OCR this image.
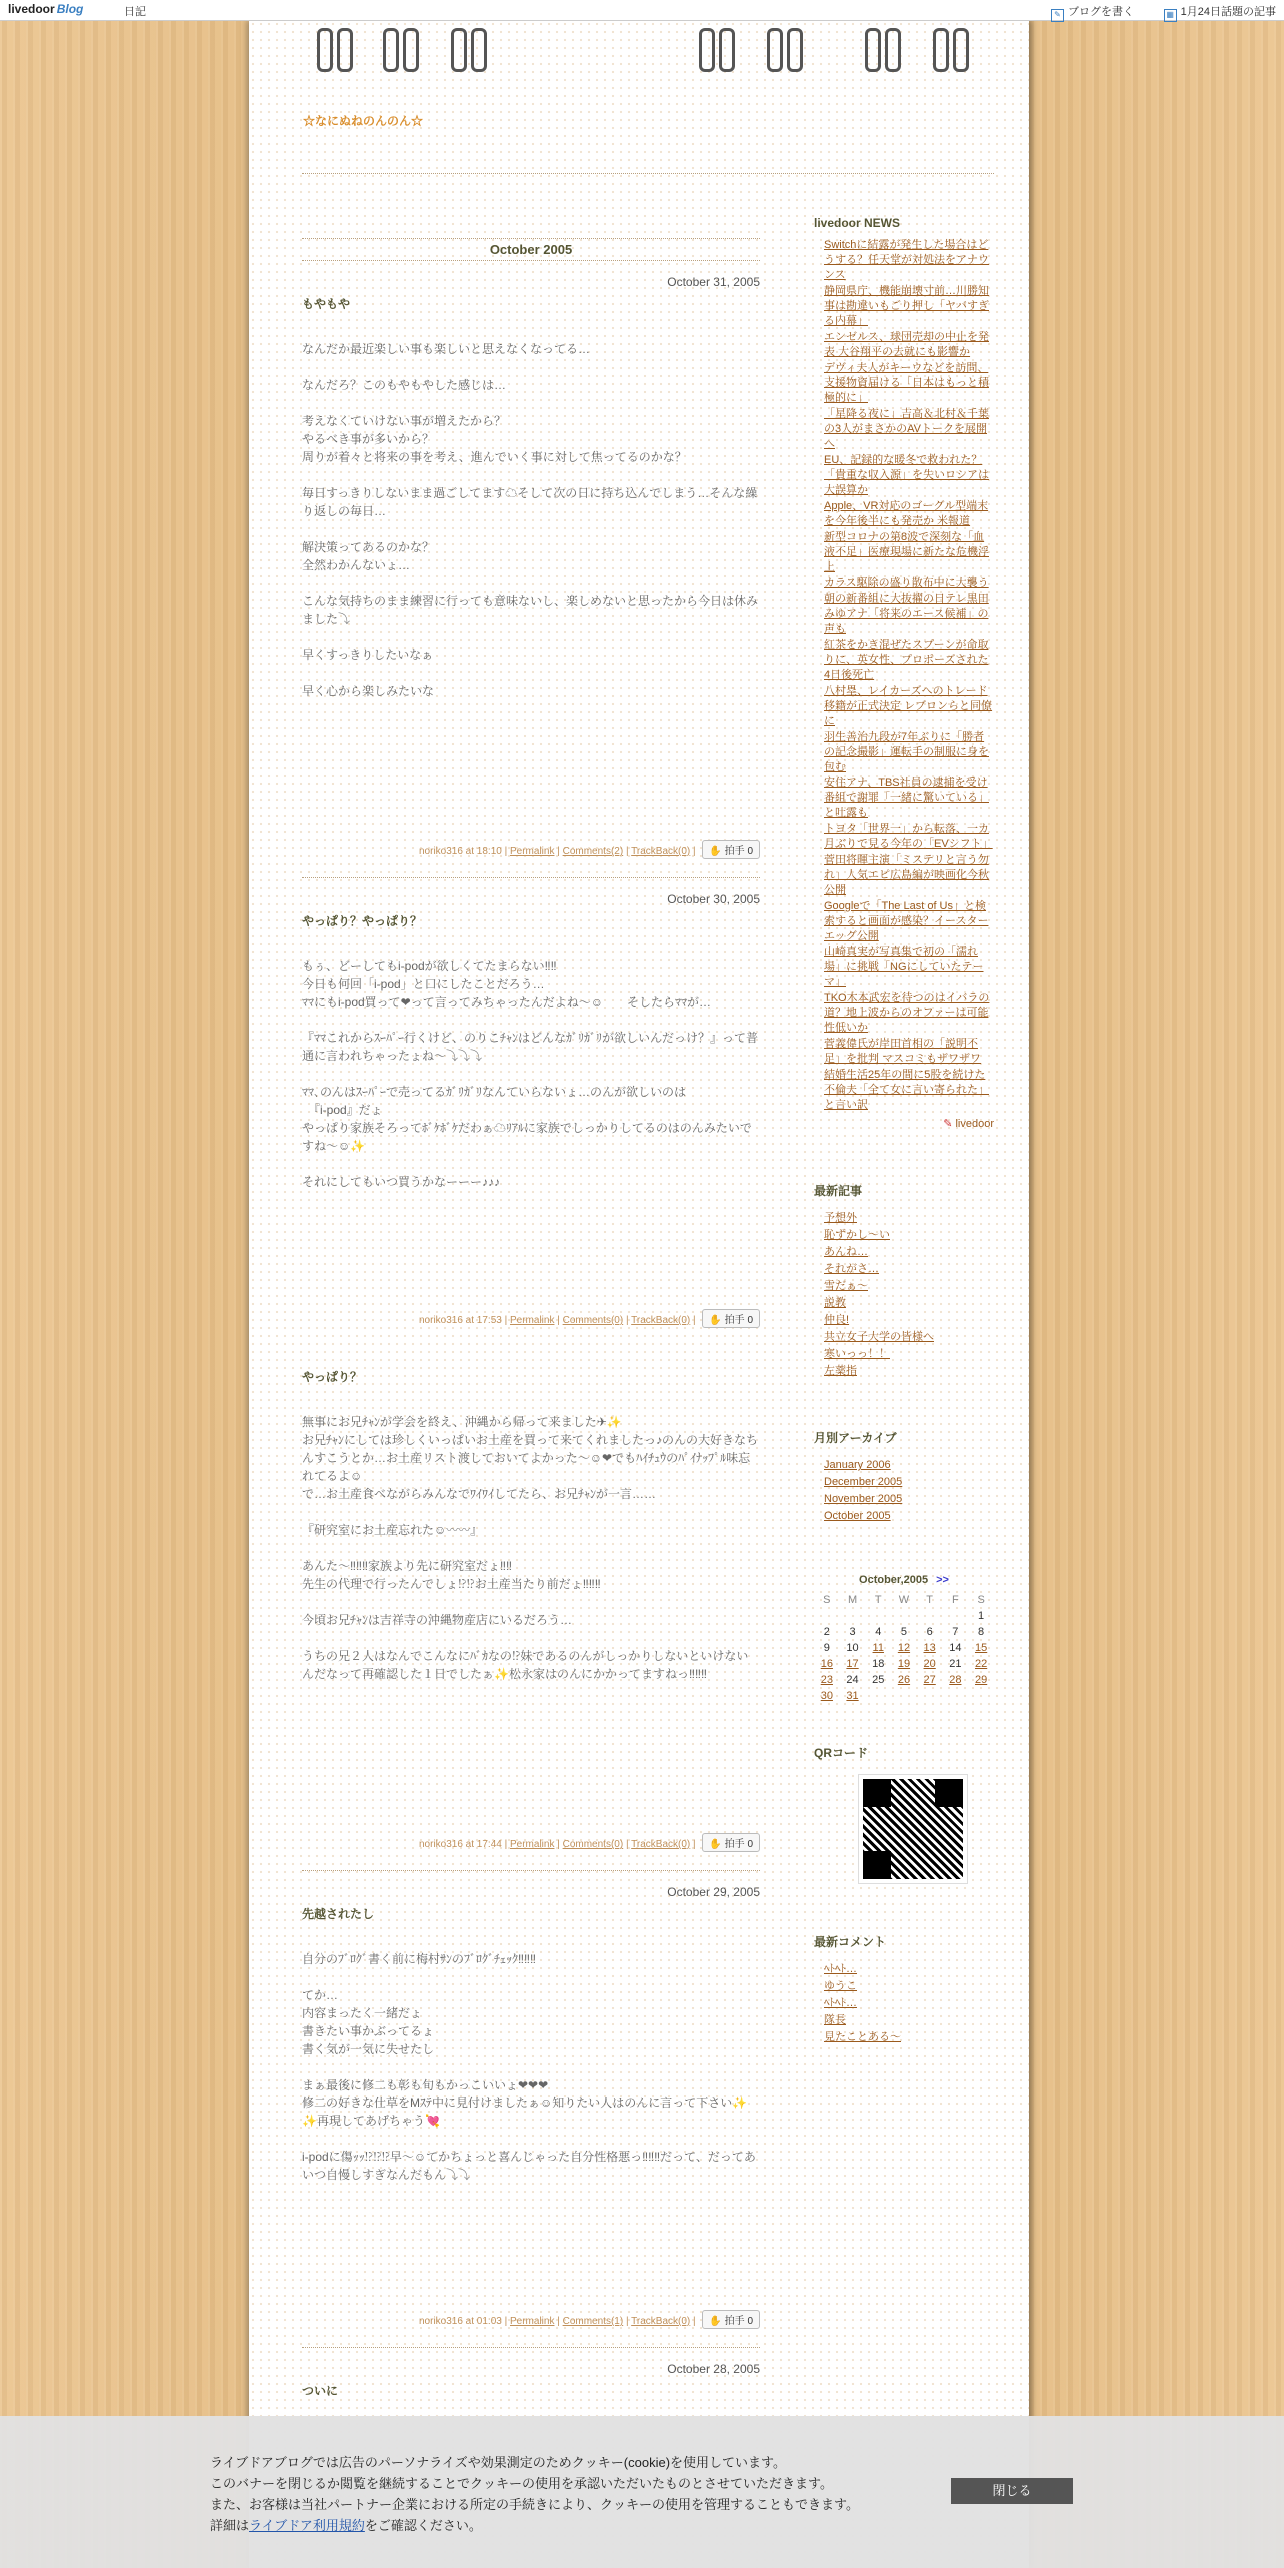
livedoor Blog	日記	✎ ブログを書く	▦ 1月24日話題の記事
☆なにぬねのんのん☆
October 2005
October 31, 2005
もやもや

なんだか最近楽しい事も楽しいと思えなくなってる…

なんだろ？このもやもやした感じは…

考えなくていけない事が増えたから？
やるべき事が多いから？
周りが着々と将来の事を考え、進んでいく事に対して焦ってるのかな？

毎日すっきりしないまま過ごしてます☁そして次の日に持ち込んでしまう…そんな繰り返しの毎日…

解決策ってあるのかな？
全然わかんないょ…

こんな気持ちのまま練習に行っても意味ないし、楽しめないと思ったから今日は休みました⤵

早くすっきりしたいなぁ

早く心から楽しみたいな

noriko316 at 18:10 | Permalink | Comments(2) | TrackBack(0) | ✋ 拍手 0
October 30, 2005
やっぱり？やっぱり？

もぅ、どーしてもi-podが欲しくてたまらない‼‼
今日も何回「i-pod」と口にしたことだろう…
ﾏﾏにもi-pod買って❤って言ってみちゃったんだよね〜☺　　そしたらﾏﾏが…

『ﾏﾏこれからｽｰﾊﾟｰ行くけど、のりこﾁｬﾝはどんなｶﾞﾘｶﾞﾘが欲しいんだっけ？』って普通に言われちゃったょね〜⤵⤵⤵

ﾏﾏ､のんはｽｰﾊﾟｰで売ってるｶﾞﾘｶﾞﾘなんていらないょ…のんが欲しいのは
　『i-pod』だょ
やっぱり家族そろってﾎﾞｹﾎﾞｹだわぁ☁ﾘｱﾙに家族でしっかりしてるのはのんみたいですね〜☺✨

それにしてもいつ買うかなーーー♪♪♪

noriko316 at 17:53 | Permalink | Comments(0) | TrackBack(0) | ✋ 拍手 0
やっぱり？

無事にお兄ﾁｬﾝが学会を終え、沖縄から帰って来ました✈✨
お兄ﾁｬﾝにしては珍しくいっぱいお土産を買って来てくれましたっ♪のんの大好きなちんすこうとか…お土産リスト渡しておいてよかった〜☺❤でもﾊｲﾁｭｳのﾊﾟｲﾅｯﾌﾟﾙ味忘れてるよ☺
で…お土産食べながらみんなでﾜｲﾜｲしてたら、お兄ﾁｬﾝが一言……

『研究室にお土産忘れた☺〰〰』

あんた〜‼‼‼家族より先に研究室だょ‼‼
先生の代理で行ったんでしょ⁉⁉お土産当たり前だょ‼‼‼

今頃お兄ﾁｬﾝは吉祥寺の沖縄物産店にいるだろう…

うちの兄２人はなんでこんなにﾊﾞｶなの⁉妹であるのんがしっかりしないといけないんだなって再確認した１日でしたぁ✨松永家はのんにかかってますねっ‼‼‼

noriko316 at 17:44 | Permalink | Comments(0) | TrackBack(0) | ✋ 拍手 0
October 29, 2005
先越されたし

自分のﾌﾞﾛｸﾞ書く前に梅村ｻﾝのﾌﾞﾛｸﾞﾁｪｯｸ‼‼‼

てか…
内容まったく一緒だょ
書きたい事かぶってるょ
書く気が一気に失せたし

まぁ最後に修二も彰も旬もかっこいいょ❤❤❤
修二の好きな仕草をMｽﾃ中に見付けましたぁ☺知りたい人はのんに言って下さい✨
✨再現してあげちゃう💘

i-podに傷ｯｯ⁉⁉⁉早〜☺てかちょっと喜んじゃった自分性格悪っ‼‼‼だって、だってあいつ自慢しすぎなんだもん⤵⤵

noriko316 at 01:03 | Permalink | Comments(1) | TrackBack(0) | ✋ 拍手 0
October 28, 2005
ついに
livedoor NEWS
Switchに結露が発生した場合はどうする？任天堂が対処法をアナウンス
静岡県庁、機能崩壊寸前…川勝知事は勘違いもごり押し「ヤバすぎる内幕」
エンゼルス、球団売却の中止を発表 大谷翔平の去就にも影響か
デヴィ夫人がキーウなどを訪問、支援物資届ける「日本はもっと積極的に」
「星降る夜に」吉高＆北村＆千葉の3人がまさかのAVトークを展開へ
EU、記録的な暖冬で救われた？「貴重な収入源」を失いロシアは大誤算か
Apple、VR対応のゴーグル型端末を今年後半にも発売か 米報道
新型コロナの第8波で深刻な「血液不足」医療現場に新たな危機浮上
カラス駆除の盛り散布中に大襲う
朝の新番組に大抜擢の日テレ黒田みゆアナ「将来のエース候補」の声も
紅茶をかき混ぜたスプーンが命取りに、英女性、プロポーズされた4日後死亡
八村塁、レイカーズへのトレード移籍が正式決定 レブロンらと同僚に
羽生善治九段が7年ぶりに「勝者の記念撮影」運転手の制服に身を包む
安住アナ、TBS社員の逮捕を受け番組で謝罪「一緒に驚いている」と吐露も
トヨタ「世界一」から転落、一カ月ぶりで見る今年の「EVシフト」
菅田将暉主演「ミステリと言う勿れ」人気エピ広島編が映画化今秋公開
Googleで「The Last of Us」と検索すると画面が感染？イースターエッグ公開
山崎真実が写真集で初の「濡れ場」に挑戦「NGにしていたテーマ」
TKO木本武宏を待つのはイバラの道？地上波からのオファーは可能性低いか
菅義偉氏が岸田首相の「説明不足」を批判 マスコミもザワザワ
結婚生活25年の間に5股を続けた不倫夫「全て女に言い寄られた」と言い訳
✎ livedoor
最新記事
予想外
恥ずかし〜い
あんね…
それがさ…
雪だぁ〜
説教
仲良!
共立女子大学の皆様へ
寒いっっ！！
左薬指
月別アーカイブ
January 2006
December 2005
November 2005
October 2005
October,2005 >>
S	M	T	W	T	F	S
						1
2	3	4	5	6	7	8
9	10	11	12	13	14	15
16	17	18	19	20	21	22
23	24	25	26	27	28	29
30	31					
QRコード
最新コメント
ﾍﾄﾍﾄ…
ゆうこ
ﾍﾄﾍﾄ…
隊長
見たことある〜
ライブドアブログでは広告のパーソナライズや効果測定のためクッキー(cookie)を使用しています。
このバナーを閉じるか閲覧を継続することでクッキーの使用を承認いただいたものとさせていただきます。
また、お客様は当社パートナー企業における所定の手続きにより、クッキーの使用を管理することもできます。
詳細はライブドア利用規約をご確認ください。
閉じる
